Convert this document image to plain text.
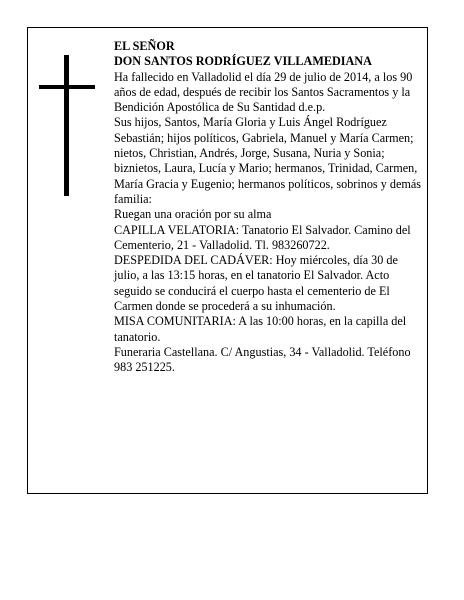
EL SEÑOR

DON SANTOS RODRÍGUEZ VILLAMEDIANA

Ha fallecido en Valladolid el día 29 de julio de 2014, a los 90 años de edad, después de recibir los Santos Sacramentos y la Bendición Apostólica de Su Santidad d.e.p.

Sus hijos, Santos, María Gloria y Luis Ángel Rodríguez Sebastián; hijos políticos, Gabriela, Manuel y María Carmen; nietos, Christian, Andrés, Jorge, Susana, Nuria y Sonia; biznietos, Laura, Lucía y Mario; hermanos, Trinidad, Carmen, María Gracia y Eugenio; hermanos políticos, sobrinos y demás familia:

Ruegan una oración por su alma

CAPILLA VELATORIA: Tanatorio El Salvador. Camino del Cementerio, 21 - Valladolid. Tl. 983260722.

DESPEDIDA DEL CADÁVER: Hoy miércoles, día 30 de julio, a las 13:15 horas, en el tanatorio El Salvador. Acto seguido se conducirá el cuerpo hasta el cementerio de El Carmen donde se procederá a su inhumación.

MISA COMUNITARIA: A las 10:00 horas, en la capilla del tanatorio.

Funeraria Castellana. C/ Angustias, 34 - Valladolid. Teléfono 983 251225.
